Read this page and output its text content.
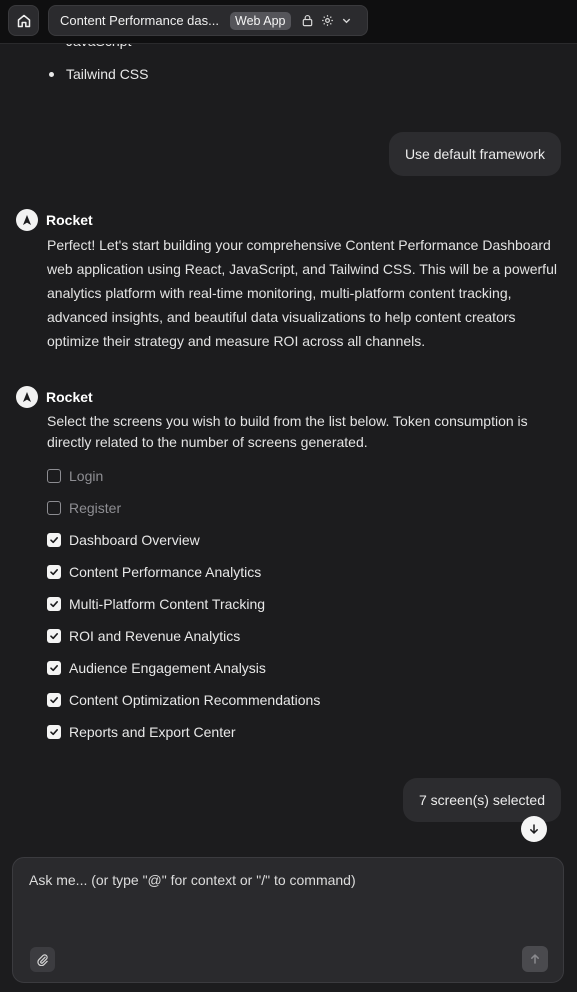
Content Performance das...	Web App
Tailwind CSS
Use default framework
Rocket
Perfect! Let's start building your comprehensive Content Performance Dashboard web application using React, JavaScript, and Tailwind CSS. This will be a powerful analytics platform with real-time monitoring, multi-platform content tracking, advanced insights, and beautiful data visualizations to help content creators optimize their strategy and measure ROI across all channels.
Rocket
Select the screens you wish to build from the list below. Token consumption is directly related to the number of screens generated.
Login
Register
Dashboard Overview
Content Performance Analytics
Multi-Platform Content Tracking
ROI and Revenue Analytics
Audience Engagement Analysis
Content Optimization Recommendations
Reports and Export Center
7 screen(s) selected
Ask me... (or type "@" for context or "/" to command)
